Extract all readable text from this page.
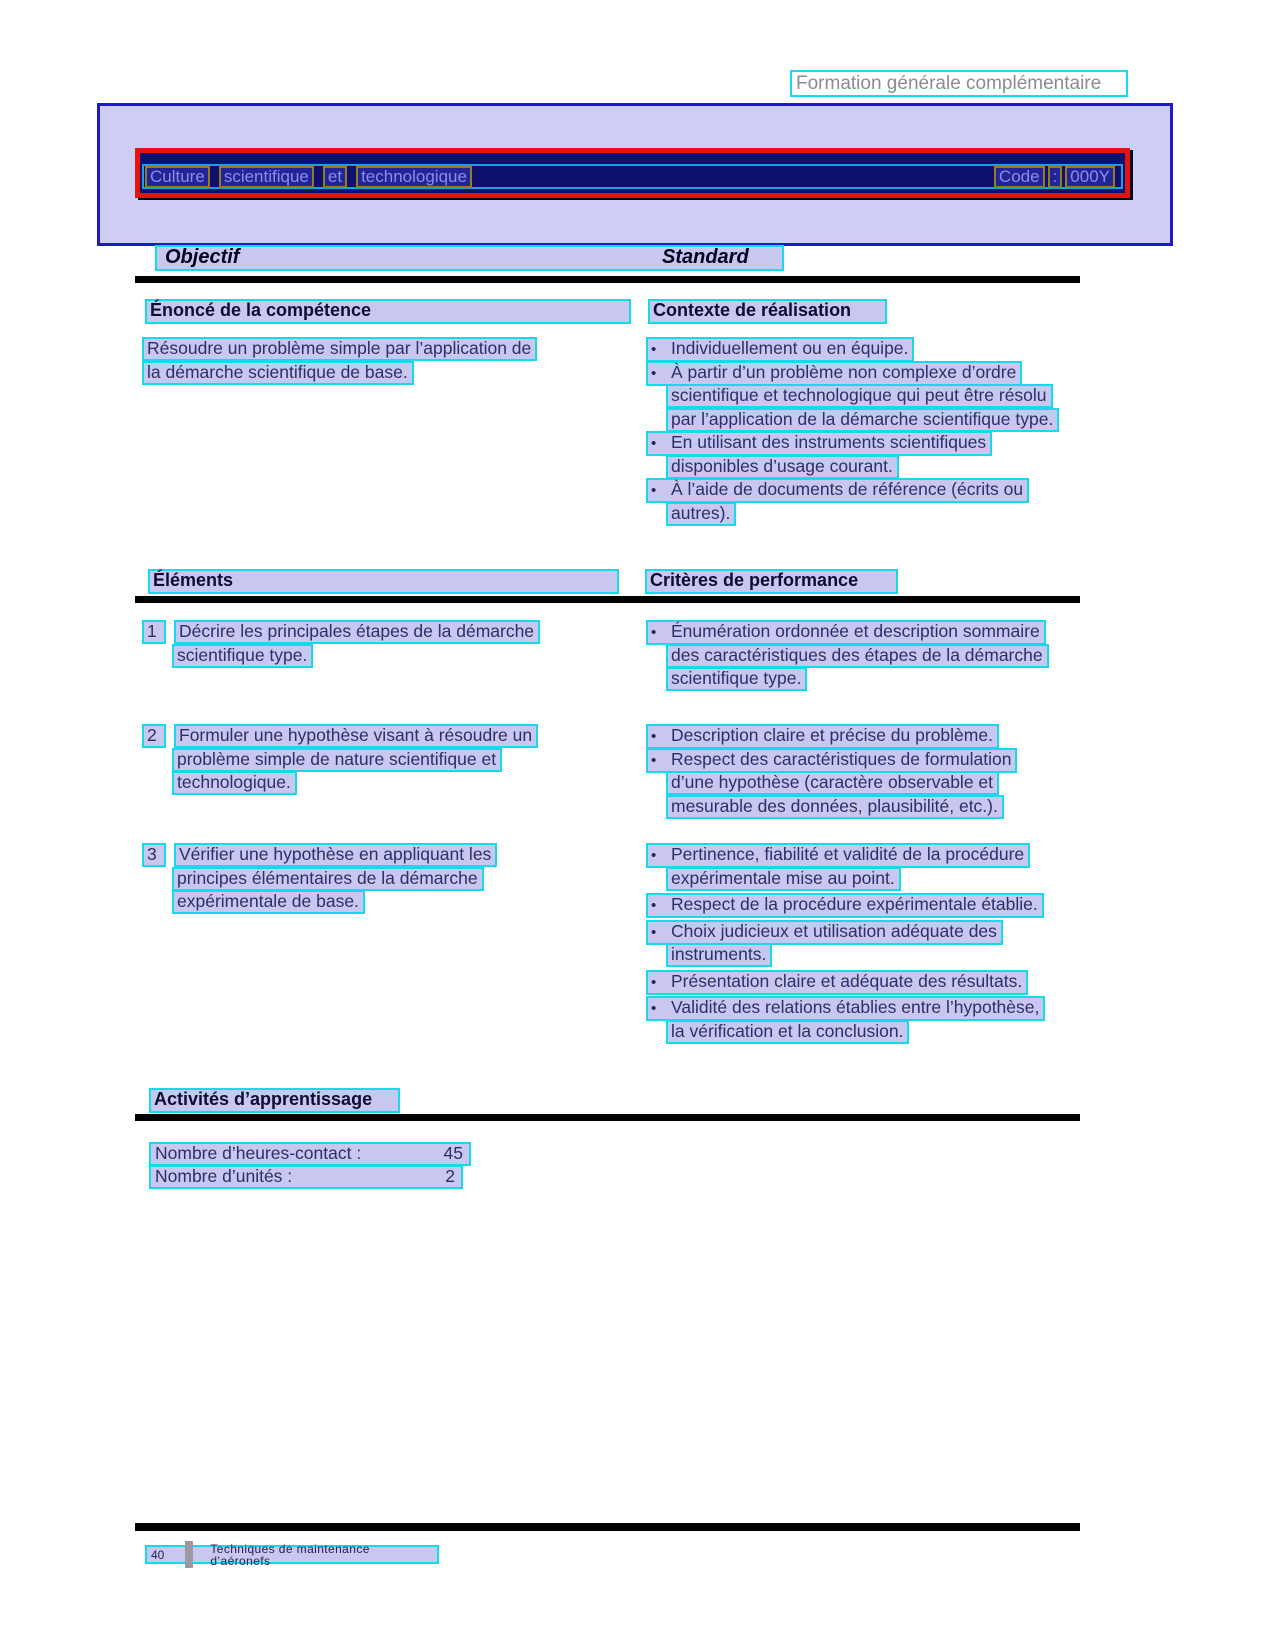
Formation générale complémentaire
Culture scientifique et technologique	Code : 000Y
Objectif	Standard
Énoncé de la compétence	Contexte de réalisation
Résoudre un problème simple par l’application de
la démarche scientifique de base.
• Individuellement ou en équipe.
• À partir d’un problème non complexe d’ordre
scientifique et technologique qui peut être résolu
par l’application de la démarche scientifique type.
• En utilisant des instruments scientifiques
disponibles d’usage courant.
• À l’aide de documents de référence (écrits ou
autres).
Éléments	Critères de performance
1 Décrire les principales étapes de la démarche
scientifique type.
• Énumération ordonnée et description sommaire
des caractéristiques des étapes de la démarche
scientifique type.
2 Formuler une hypothèse visant à résoudre un
problème simple de nature scientifique et
technologique.
• Description claire et précise du problème.
• Respect des caractéristiques de formulation
d’une hypothèse (caractère observable et
mesurable des données, plausibilité, etc.).
3 Vérifier une hypothèse en appliquant les
principes élémentaires de la démarche
expérimentale de base.
• Pertinence, fiabilité et validité de la procédure
expérimentale mise au point.
• Respect de la procédure expérimentale établie.
• Choix judicieux et utilisation adéquate des
instruments.
• Présentation claire et adéquate des résultats.
• Validité des relations établies entre l’hypothèse,
la vérification et la conclusion.
Activités d’apprentissage
Nombre d’heures-contact :	45
Nombre d’unités :	2
40	Techniques de maintenance d’aéronefs
